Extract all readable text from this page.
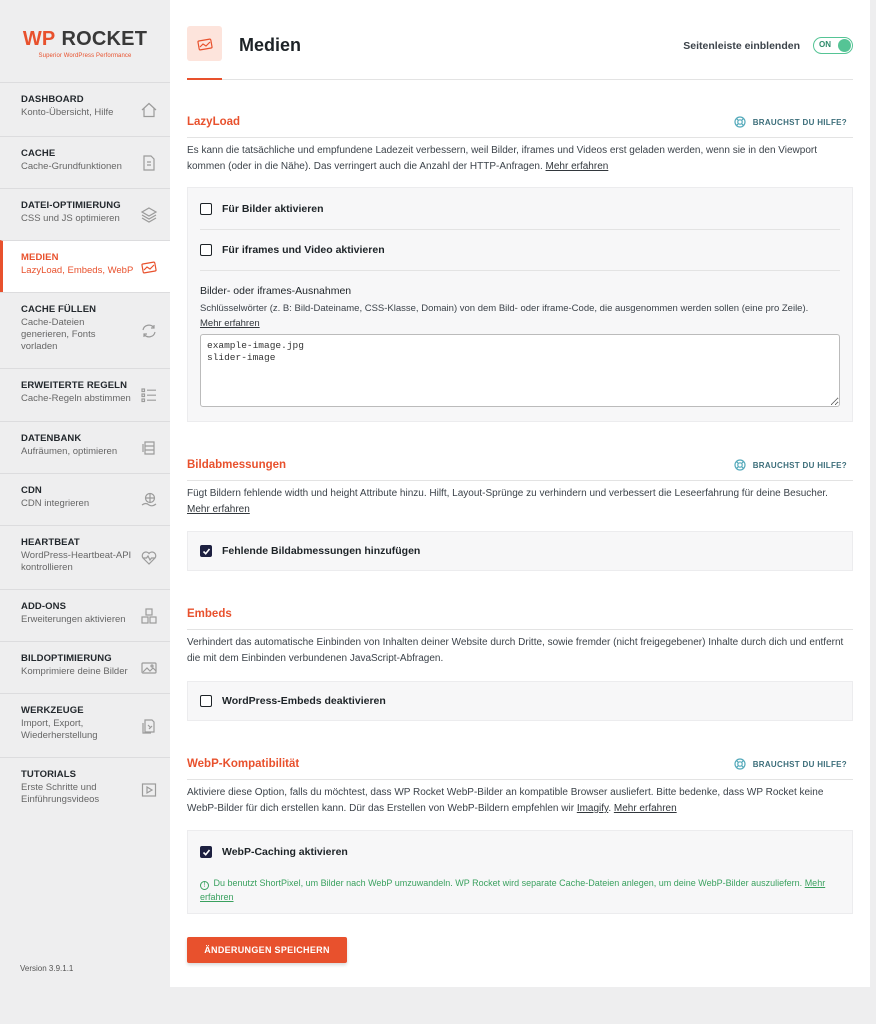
WP ROCKET
Superior WordPress Performance
DASHBOARD
Konto-Übersicht, Hilfe
CACHE
Cache-Grundfunktionen
DATEI-OPTIMIERUNG
CSS und JS optimieren
MEDIEN
LazyLoad, Embeds, WebP
CACHE FÜLLEN
Cache-Dateien generieren, Fonts vorladen
ERWEITERTE REGELN
Cache-Regeln abstimmen
DATENBANK
Aufräumen, optimieren
CDN
CDN integrieren
HEARTBEAT
WordPress-Heartbeat-API kontrollieren
ADD-ONS
Erweiterungen aktivieren
BILDOPTIMIERUNG
Komprimiere deine Bilder
WERKZEUGE
Import, Export, Wiederherstellung
TUTORIALS
Erste Schritte und Einführungsvideos
Version 3.9.1.1
Medien	Seitenleiste einblenden ON
LazyLoad	BRAUCHST DU HILFE?
Es kann die tatsächliche und empfundene Ladezeit verbessern, weil Bilder, iframes und Videos erst geladen werden, wenn sie in den Viewport kommen (oder in die Nähe). Das verringert auch die Anzahl der HTTP-Anfragen. Mehr erfahren
Für Bilder aktivieren
Für iframes und Video aktivieren
Bilder- oder iframes-Ausnahmen
Schlüsselwörter (z. B: Bild-Dateiname, CSS-Klasse, Domain) von dem Bild- oder iframe-Code, die ausgenommen werden sollen (eine pro Zeile).
Mehr erfahren
example-image.jpg slider-image
Bildabmessungen	BRAUCHST DU HILFE?
Fügt Bildern fehlende width und height Attribute hinzu. Hilft, Layout-Sprünge zu verhindern und verbessert die Leseerfahrung für deine Besucher. Mehr erfahren
Fehlende Bildabmessungen hinzufügen
Embeds
Verhindert das automatische Einbinden von Inhalten deiner Website durch Dritte, sowie fremder (nicht freigegebener) Inhalte durch dich und entfernt die mit dem Einbinden verbundenen JavaScript-Abfragen.
WordPress-Embeds deaktivieren
WebP-Kompatibilität	BRAUCHST DU HILFE?
Aktiviere diese Option, falls du möchtest, dass WP Rocket WebP-Bilder an kompatible Browser ausliefert. Bitte bedenke, dass WP Rocket keine WebP-Bilder für dich erstellen kann. Dür das Erstellen von WebP-Bildern empfehlen wir Imagify. Mehr erfahren
WebP-Caching aktivieren
! Du benutzt ShortPixel, um Bilder nach WebP umzuwandeln. WP Rocket wird separate Cache-Dateien anlegen, um deine WebP-Bilder auszuliefern. Mehr erfahren
ÄNDERUNGEN SPEICHERN
